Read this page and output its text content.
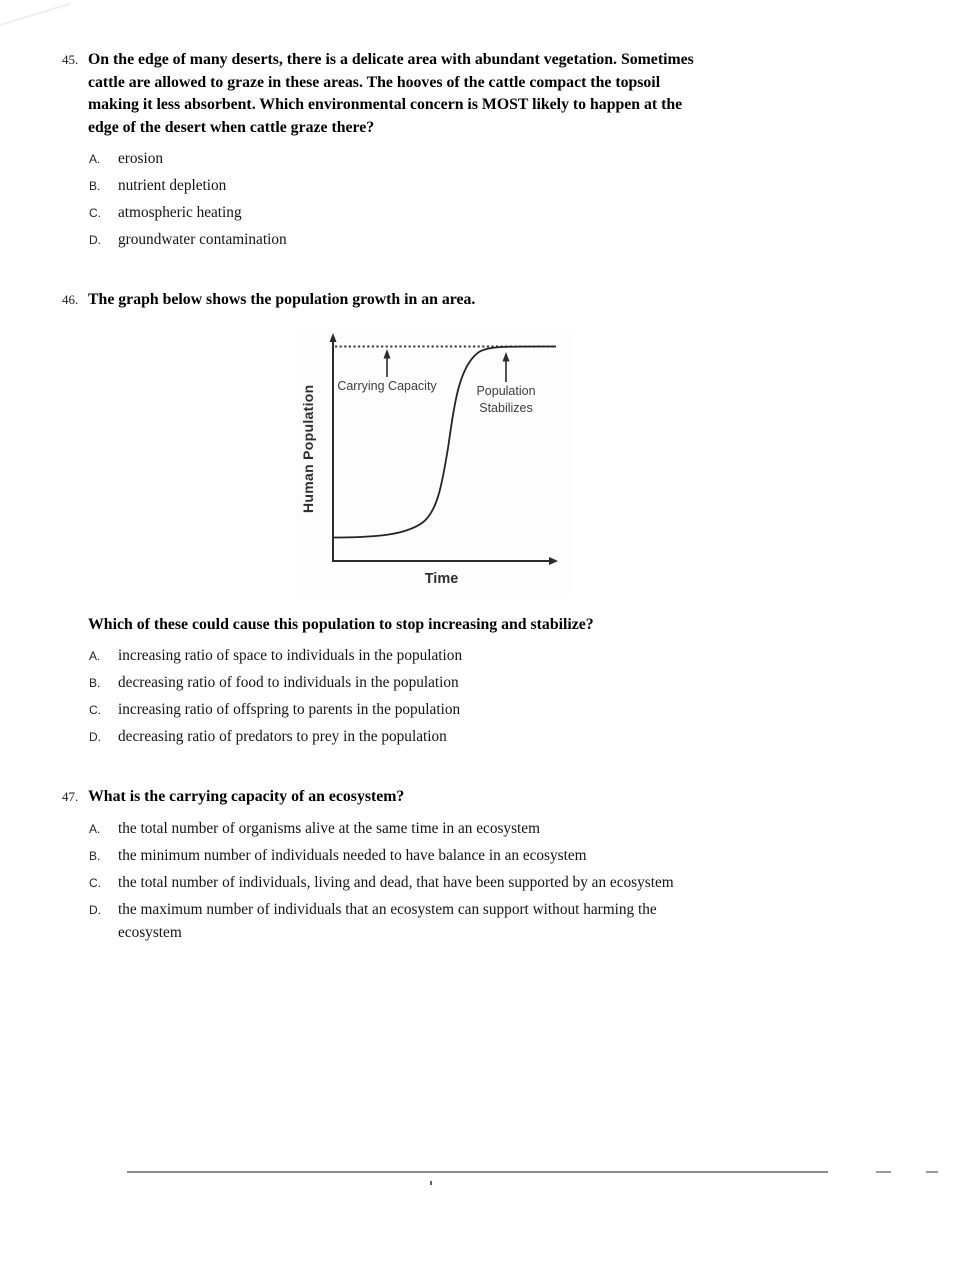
45. On the edge of many deserts, there is a delicate area with abundant vegetation. Sometimes
cattle are allowed to graze in these areas. The hooves of the cattle compact the topsoil
making it less absorbent. Which environmental concern is MOST likely to happen at the
edge of the desert when cattle graze there?
A.	erosion
B.	nutrient depletion
C.	atmospheric heating
D.	groundwater contamination
46. The graph below shows the population growth in an area.
Carrying Capacity	Population Stabilizes
Human Population
Time
Which of these could cause this population to stop increasing and stabilize?
A.	increasing ratio of space to individuals in the population
B.	decreasing ratio of food to individuals in the population
C.	increasing ratio of offspring to parents in the population
D.	decreasing ratio of predators to prey in the population
47. What is the carrying capacity of an ecosystem?
A.	the total number of organisms alive at the same time in an ecosystem
B.	the minimum number of individuals needed to have balance in an ecosystem
C.	the total number of individuals, living and dead, that have been supported by an ecosystem
D.	the maximum number of individuals that an ecosystem can support without harming the ecosystem
